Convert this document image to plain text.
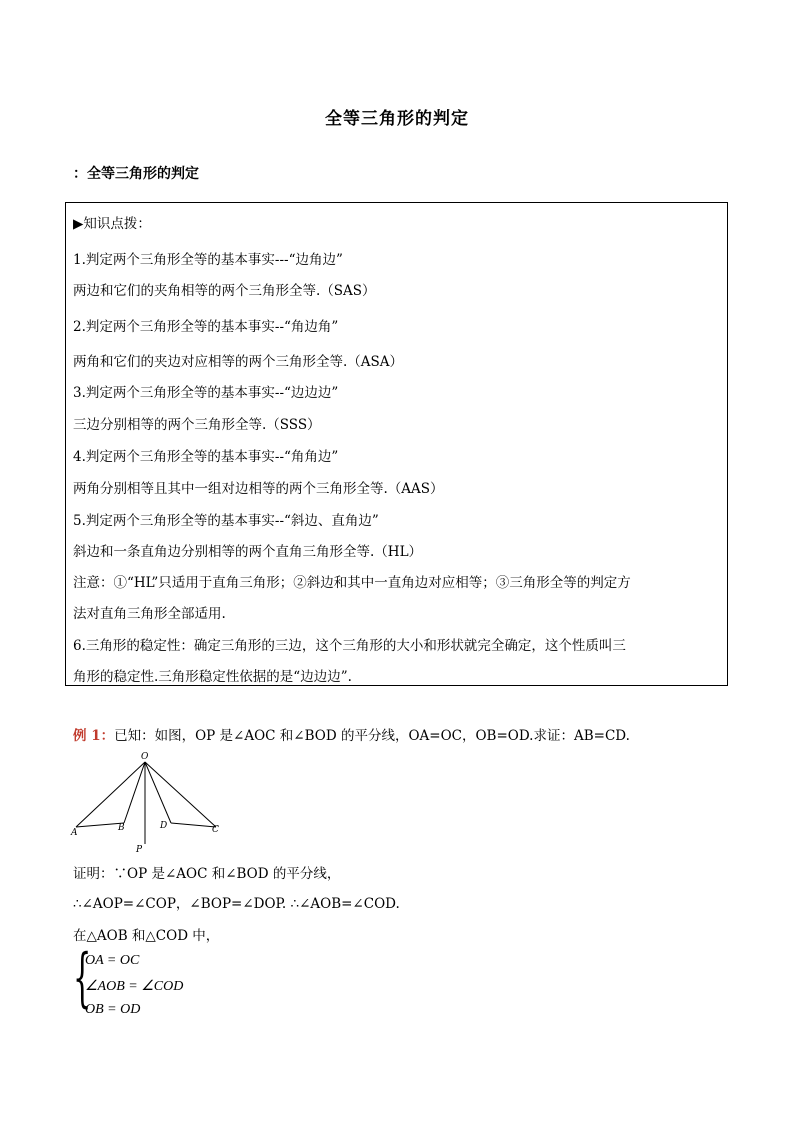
全等三角形的判定
：全等三角形的判定
▶知识点拨：
1.判定两个三角形全等的基本事实---“边角边”
两边和它们的夹角相等的两个三角形全等.（SAS）
2.判定两个三角形全等的基本事实--“角边角”
两角和它们的夹边对应相等的两个三角形全等.（ASA）
3.判定两个三角形全等的基本事实--“边边边”
三边分别相等的两个三角形全等.（SSS）
4.判定两个三角形全等的基本事实--“角角边”
两角分别相等且其中一组对边相等的两个三角形全等.（AAS）
5.判定两个三角形全等的基本事实--“斜边、直角边”
斜边和一条直角边分别相等的两个直角三角形全等.（HL）
注意：①“HL”只适用于直角三角形；②斜边和其中一直角边对应相等；③三角形全等的判定方
法对直角三角形全部适用.
6.三角形的稳定性：确定三角形的三边，这个三角形的大小和形状就完全确定，这个性质叫三
角形的稳定性.三角形稳定性依据的是“边边边”.
例 1：已知：如图，OP 是∠AOC 和∠BOD 的平分线，OA=OC，OB=OD.求证：AB=CD.
O
A	B
P
D	C
证明：∵OP 是∠AOC 和∠BOD 的平分线，
∴∠AOP=∠COP，∠BOP=∠DOP. ∴∠AOB=∠COD.
在△AOB 和△COD 中，
{
OA = OC
∠AOB = ∠COD
OB = OD
